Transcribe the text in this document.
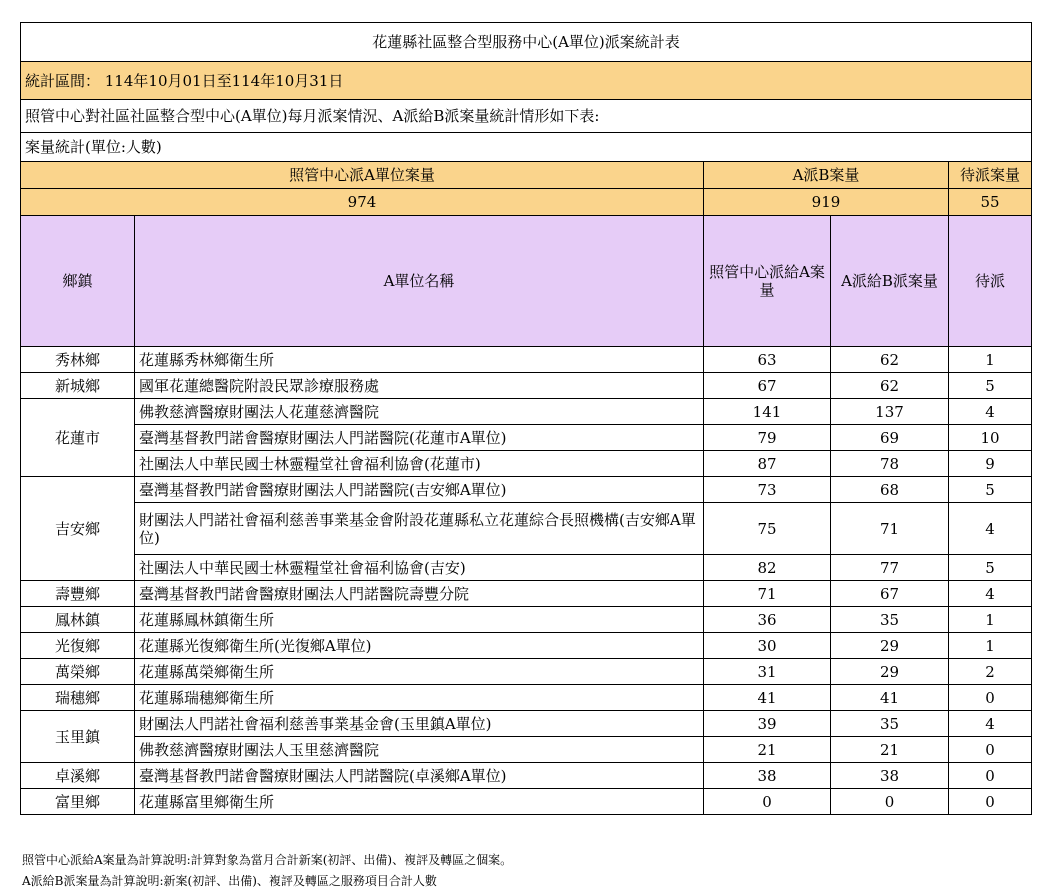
花蓮縣社區整合型服務中心(A單位)派案統計表				
統計區間： 114年10月01日至114年10月31日				
照管中心對社區社區整合型中心(A單位)每月派案情況、A派給B派案量統計情形如下表:				
案量統計(單位:人數)				
照管中心派A單位案量		A派B案量		待派案量
974		919		55
鄉鎮	A單位名稱	照管中心派給A案量	A派給B派案量	待派
秀林鄉	花蓮縣秀林鄉衛生所	63	62	1
新城鄉	國軍花蓮總醫院附設民眾診療服務處	67	62	5
花蓮市	佛教慈濟醫療財團法人花蓮慈濟醫院	141	137	4
	臺灣基督教門諾會醫療財團法人門諾醫院(花蓮市A單位)	79	69	10
	社團法人中華民國士林靈糧堂社會福利協會(花蓮市)	87	78	9
吉安鄉	臺灣基督教門諾會醫療財團法人門諾醫院(吉安鄉A單位)	73	68	5
	財團法人門諾社會福利慈善事業基金會附設花蓮縣私立花蓮綜合長照機構(吉安鄉A單位)	75	71	4
	社團法人中華民國士林靈糧堂社會福利協會(吉安)	82	77	5
壽豐鄉	臺灣基督教門諾會醫療財團法人門諾醫院壽豐分院	71	67	4
鳳林鎮	花蓮縣鳳林鎮衛生所	36	35	1
光復鄉	花蓮縣光復鄉衛生所(光復鄉A單位)	30	29	1
萬榮鄉	花蓮縣萬榮鄉衛生所	31	29	2
瑞穗鄉	花蓮縣瑞穗鄉衛生所	41	41	0
玉里鎮	財團法人門諾社會福利慈善事業基金會(玉里鎮A單位)	39	35	4
	佛教慈濟醫療財團法人玉里慈濟醫院	21	21	0
卓溪鄉	臺灣基督教門諾會醫療財團法人門諾醫院(卓溪鄉A單位)	38	38	0
富里鄉	花蓮縣富里鄉衛生所	0	0	0
照管中心派給A案量為計算說明:計算對象為當月合計新案(初評、出備)、複評及轉區之個案。
A派給B派案量為計算說明:新案(初評、出備)、複評及轉區之服務項目合計人數
